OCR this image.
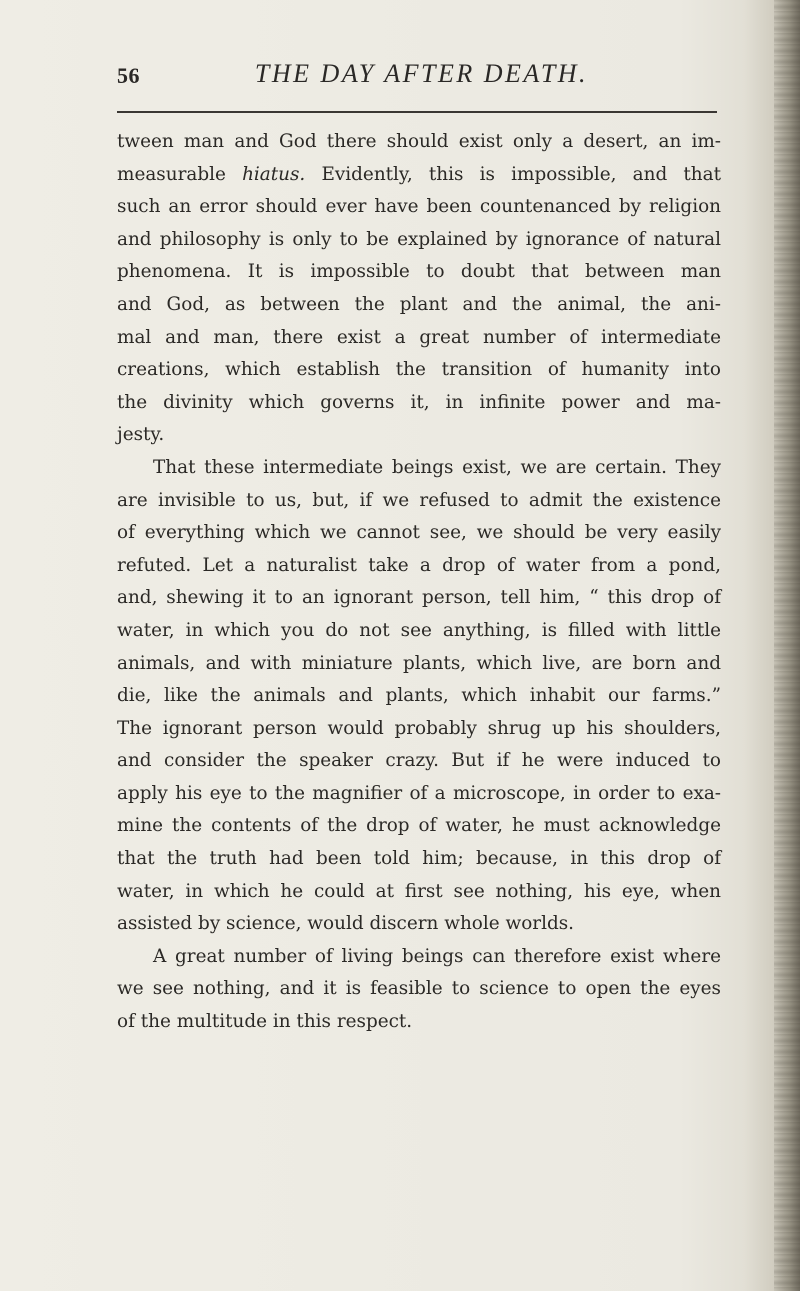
56	THE DAY AFTER DEATH.

tween man and God there should exist only a desert, an im-

measurable hiatus. Evidently, this is impossible, and that

such an error should ever have been countenanced by religion

and philosophy is only to be explained by ignorance of natural

phenomena. It is impossible to doubt that between man

and God, as between the plant and the animal, the ani-

mal and man, there exist a great number of intermediate

creations, which establish the transition of humanity into

the divinity which governs it, in infinite power and ma-

jesty.

That these intermediate beings exist, we are certain. They

are invisible to us, but, if we refused to admit the existence

of everything which we cannot see, we should be very easily

refuted. Let a naturalist take a drop of water from a pond,

and, shewing it to an ignorant person, tell him, “ this drop of

water, in which you do not see anything, is filled with little

animals, and with miniature plants, which live, are born and

die, like the animals and plants, which inhabit our farms.”

The ignorant person would probably shrug up his shoulders,

and consider the speaker crazy. But if he were induced to

apply his eye to the magnifier of a microscope, in order to exa-

mine the contents of the drop of water, he must acknowledge

that the truth had been told him; because, in this drop of

water, in which he could at first see nothing, his eye, when

assisted by science, would discern whole worlds.

A great number of living beings can therefore exist where

we see nothing, and it is feasible to science to open the eyes

of the multitude in this respect.
